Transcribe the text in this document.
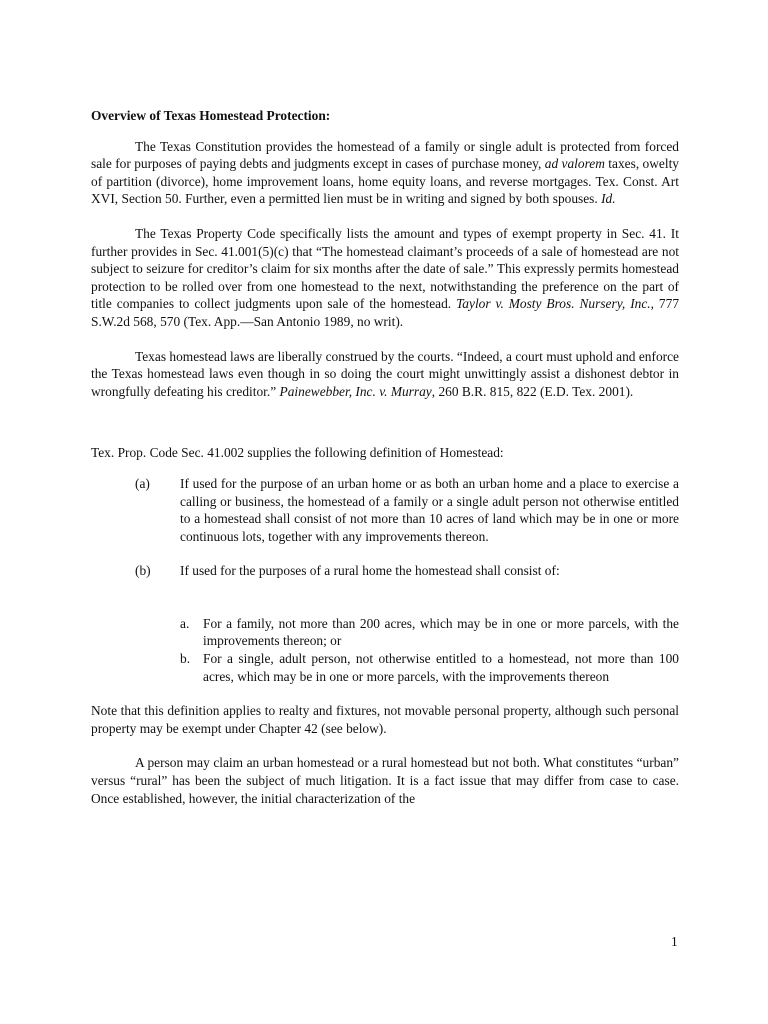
Overview of Texas Homestead Protection:

The Texas Constitution provides the homestead of a family or single adult is protected from forced sale for purposes of paying debts and judgments except in cases of purchase money, ad valorem taxes, owelty of partition (divorce), home improvement loans, home equity loans, and reverse mortgages. Tex. Const. Art XVI, Section 50. Further, even a permitted lien must be in writing and signed by both spouses. Id.

The Texas Property Code specifically lists the amount and types of exempt property in Sec. 41. It further provides in Sec. 41.001(5)(c) that “The homestead claimant’s proceeds of a sale of homestead are not subject to seizure for creditor’s claim for six months after the date of sale.” This expressly permits homestead protection to be rolled over from one homestead to the next, notwithstanding the preference on the part of title companies to collect judgments upon sale of the homestead. Taylor v. Mosty Bros. Nursery, Inc., 777 S.W.2d 568, 570 (Tex. App.—San Antonio 1989, no writ).

Texas homestead laws are liberally construed by the courts. “Indeed, a court must uphold and enforce the Texas homestead laws even though in so doing the court might unwittingly assist a dishonest debtor in wrongfully defeating his creditor.” Painewebber, Inc. v. Murray, 260 B.R. 815, 822 (E.D. Tex. 2001).

Tex. Prop. Code Sec. 41.002 supplies the following definition of Homestead:

(a) If used for the purpose of an urban home or as both an urban home and a place to exercise a calling or business, the homestead of a family or a single adult person not otherwise entitled to a homestead shall consist of not more than 10 acres of land which may be in one or more continuous lots, together with any improvements thereon.
(b) If used for the purposes of a rural home the homestead shall consist of:
a. For a family, not more than 200 acres, which may be in one or more parcels, with the improvements thereon; or
b. For a single, adult person, not otherwise entitled to a homestead, not more than 100 acres, which may be in one or more parcels, with the improvements thereon

Note that this definition applies to realty and fixtures, not movable personal property, although such personal property may be exempt under Chapter 42 (see below).

A person may claim an urban homestead or a rural homestead but not both. What constitutes “urban” versus “rural” has been the subject of much litigation. It is a fact issue that may differ from case to case. Once established, however, the initial characterization of the

1
